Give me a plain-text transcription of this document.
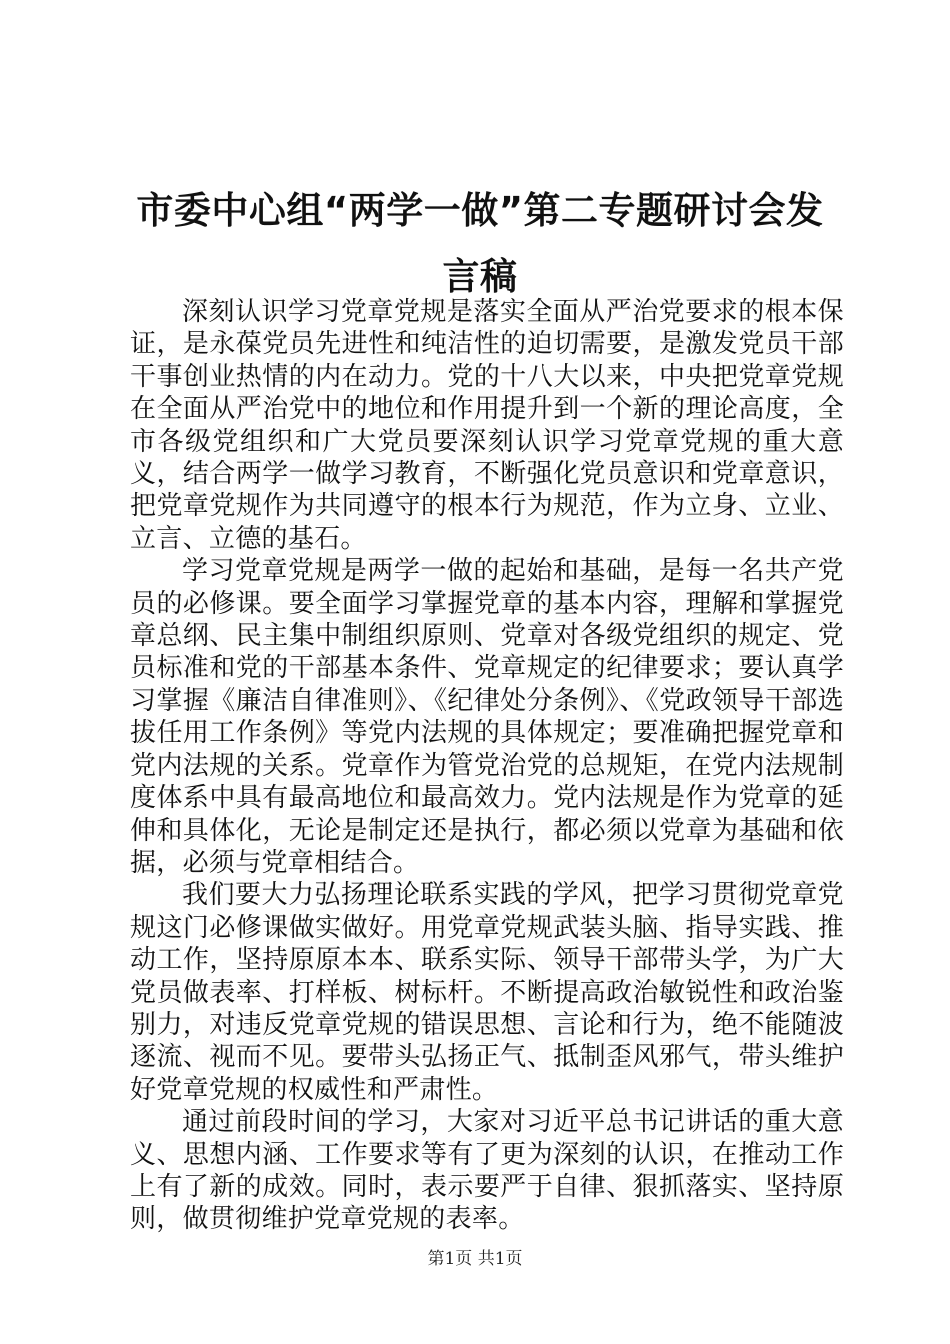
市委中心组“两学一做”第二专题研讨会发言稿

深刻认识学习党章党规是落实全面从严治党要求的根本保证，是永葆党员先进性和纯洁性的迫切需要，是激发党员干部干事创业热情的内在动力。党的十八大以来，中央把党章党规在全面从严治党中的地位和作用提升到一个新的理论高度，全市各级党组织和广大党员要深刻认识学习党章党规的重大意义，结合两学一做学习教育，不断强化党员意识和党章意识，把党章党规作为共同遵守的根本行为规范，作为立身、立业、立言、立德的基石。

学习党章党规是两学一做的起始和基础，是每一名共产党员的必修课。要全面学习掌握党章的基本内容，理解和掌握党章总纲、民主集中制组织原则、党章对各级党组织的规定、党员标准和党的干部基本条件、党章规定的纪律要求；要认真学习掌握《廉洁自律准则》、《纪律处分条例》、《党政领导干部选拔任用工作条例》等党内法规的具体规定；要准确把握党章和党内法规的关系。党章作为管党治党的总规矩，在党内法规制度体系中具有最高地位和最高效力。党内法规是作为党章的延伸和具体化，无论是制定还是执行，都必须以党章为基础和依据，必须与党章相结合。

我们要大力弘扬理论联系实践的学风，把学习贯彻党章党规这门必修课做实做好。用党章党规武装头脑、指导实践、推动工作，坚持原原本本、联系实际、领导干部带头学，为广大党员做表率、打样板、树标杆。不断提高政治敏锐性和政治鉴别力，对违反党章党规的错误思想、言论和行为，绝不能随波逐流、视而不见。要带头弘扬正气、抵制歪风邪气，带头维护好党章党规的权威性和严肃性。

通过前段时间的学习，大家对习近平总书记讲话的重大意义、思想内涵、工作要求等有了更为深刻的认识，在推动工作上有了新的成效。同时，表示要严于自律、狠抓落实、坚持原则，做贯彻维护党章党规的表率。

第1页 共1页
